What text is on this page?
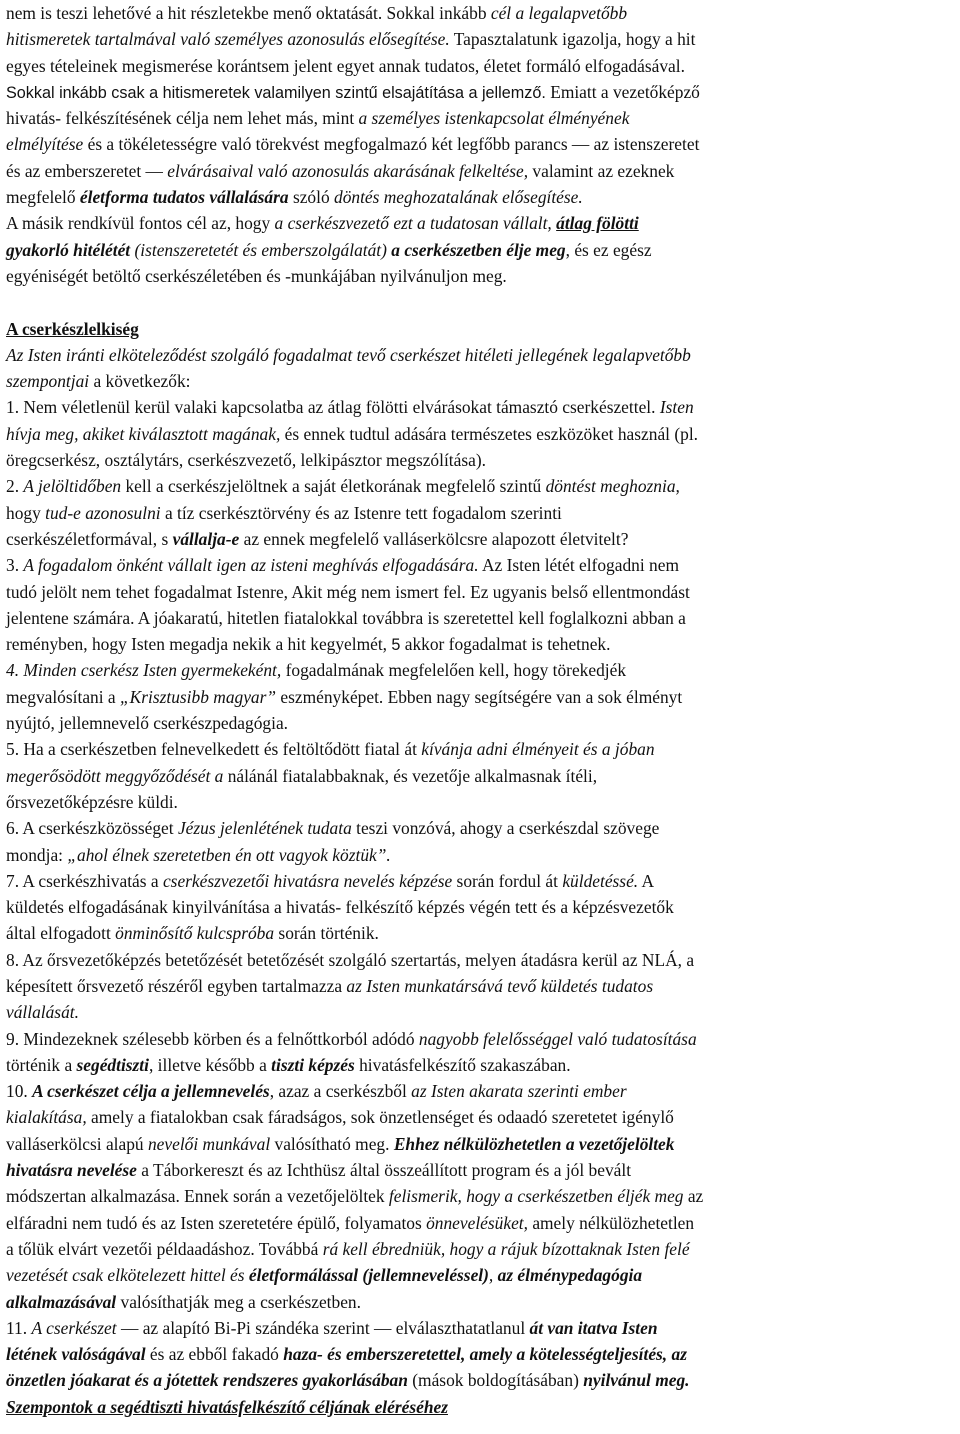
nem is teszi lehetővé a hit részletekbe menő oktatását. Sokkal inkább cél a legalapvetőbb
hitismeretek tartalmával való személyes azonosulás elősegítése. Tapasztalatunk igazolja, hogy a hit
egyes tételeinek megismerése korántsem jelent egyet annak tudatos, életet formáló elfogadásával.
Sokkal inkább csak a hitismeretek valamilyen szintű elsajátítása a jellemző. Emiatt a vezetőképző
hivatás- felkészítésének célja nem lehet más, mint a személyes istenkapcsolat élményének
elmélyítése és a tökéletességre való törekvést megfogalmazó két legfőbb parancs — az istenszeretet
és az emberszeretet — elvárásaival való azonosulás akarásának felkeltése, valamint az ezeknek
megfelelő életforma tudatos vállalására szóló döntés meghozatalának elősegítése.
A másik rendkívül fontos cél az, hogy a cserkészvezető ezt a tudatosan vállalt, átlag fölötti
gyakorló hitélétét (istenszeretetét és emberszolgálatát) a cserkészetben élje meg, és ez egész
egyéniségét betöltő cserkészéletében és -munkájában nyilvánuljon meg.
A cserkészlelkiség
Az Isten iránti elköteleződést szolgáló fogadalmat tevő cserkészet hitéleti jellegének legalapvetőbb
szempontjai a következők:
1. Nem véletlenül kerül valaki kapcsolatba az átlag fölötti elvárásokat támasztó cserkészettel. Isten
hívja meg, akiket kiválasztott magának, és ennek tudtul adására természetes eszközöket használ (pl.
öregcserkész, osztálytárs, cserkészvezető, lelkipásztor megszólítása).
2. A jelöltidőben kell a cserkészjelöltnek a saját életkorának megfelelő szintű döntést meghoznia,
hogy tud-e azonosulni a tíz cserkésztörvény és az Istenre tett fogadalom szerinti
cserkészéletformával, s vállalja-e az ennek megfelelő valláserkölcsre alapozott életvitelt?
3. A fogadalom önként vállalt igen az isteni meghívás elfogadására. Az Isten létét elfogadni nem
tudó jelölt nem tehet fogadalmat Istenre, Akit még nem ismert fel. Ez ugyanis belső ellentmondást
jelentene számára. A jóakaratú, hitetlen fiatalokkal továbbra is szeretettel kell foglalkozni abban a
reményben, hogy Isten megadja nekik a hit kegyelmét, 5 akkor fogadalmat is tehetnek.
4. Minden cserkész Isten gyermekeként, fogadalmának megfelelően kell, hogy törekedjék
megvalósítani a „Krisztusibb magyar” eszményképet. Ebben nagy segítségére van a sok élményt
nyújtó, jellemnevelő cserkészpedagógia.
5. Ha a cserkészetben felnevelkedett és feltöltődött fiatal át kívánja adni élményeit és a jóban
megerősödött meggyőződését a nálánál fiatalabbaknak, és vezetője alkalmasnak ítéli,
őrsvezetőképzésre küldi.
6. A cserkészközösséget Jézus jelenlétének tudata teszi vonzóvá, ahogy a cserkészdal szövege
mondja: „ahol élnek szeretetben én ott vagyok köztük”.
7. A cserkészhivatás a cserkészvezetői hivatásra nevelés képzése során fordul át küldetéssé. A
küldetés elfogadásának kinyilvánítása a hivatás- felkészítő képzés végén tett és a képzésvezetők
által elfogadott önminősítő kulcspróba során történik.
8. Az őrsvezetőképzés betetőzését betetőzését szolgáló szertartás, melyen átadásra kerül az NLÁ, a
képesített őrsvezető részéről egyben tartalmazza az Isten munkatársává tevő küldetés tudatos
vállalását.
9. Mindezeknek szélesebb körben és a felnőttkorból adódó nagyobb felelősséggel való tudatosítása
történik a segédtiszti, illetve később a tiszti képzés hivatásfelkészítő szakaszában.
10. A cserkészet célja a jellemnevelés, azaz a cserkészből az Isten akarata szerinti ember
kialakítása, amely a fiatalokban csak fáradságos, sok önzetlenséget és odaadó szeretetet igénylő
valláserkölcsi alapú nevelői munkával valósítható meg. Ehhez nélkülözhetetlen a vezetőjelöltek
hivatásra nevelése a Táborkereszt és az Ichthüsz által összeállított program és a jól bevált
módszertan alkalmazása. Ennek során a vezetőjelöltek felismerik, hogy a cserkészetben éljék meg az
elfáradni nem tudó és az Isten szeretetére épülő, folyamatos önnevelésüket, amely nélkülözhetetlen
a tőlük elvárt vezetői példaadáshoz. Továbbá rá kell ébredniük, hogy a rájuk bízottaknak Isten felé
vezetését csak elkötelezett hittel és életformálással (jellemneveléssel), az élménypedagógia
alkalmazásával valósíthatják meg a cserkészetben.
11. A cserkészet — az alapító Bi-Pi szándéka szerint — elválaszthatatlanul át van itatva Isten
létének valóságával és az ebből fakadó haza- és emberszeretettel, amely a kötelességteljesítés, az
önzetlen jóakarat és a jótettek rendszeres gyakorlásában (mások boldogításában) nyilvánul meg.
Szempontok a segédtiszti hivatásfelkészítő céljának eléréséhez
